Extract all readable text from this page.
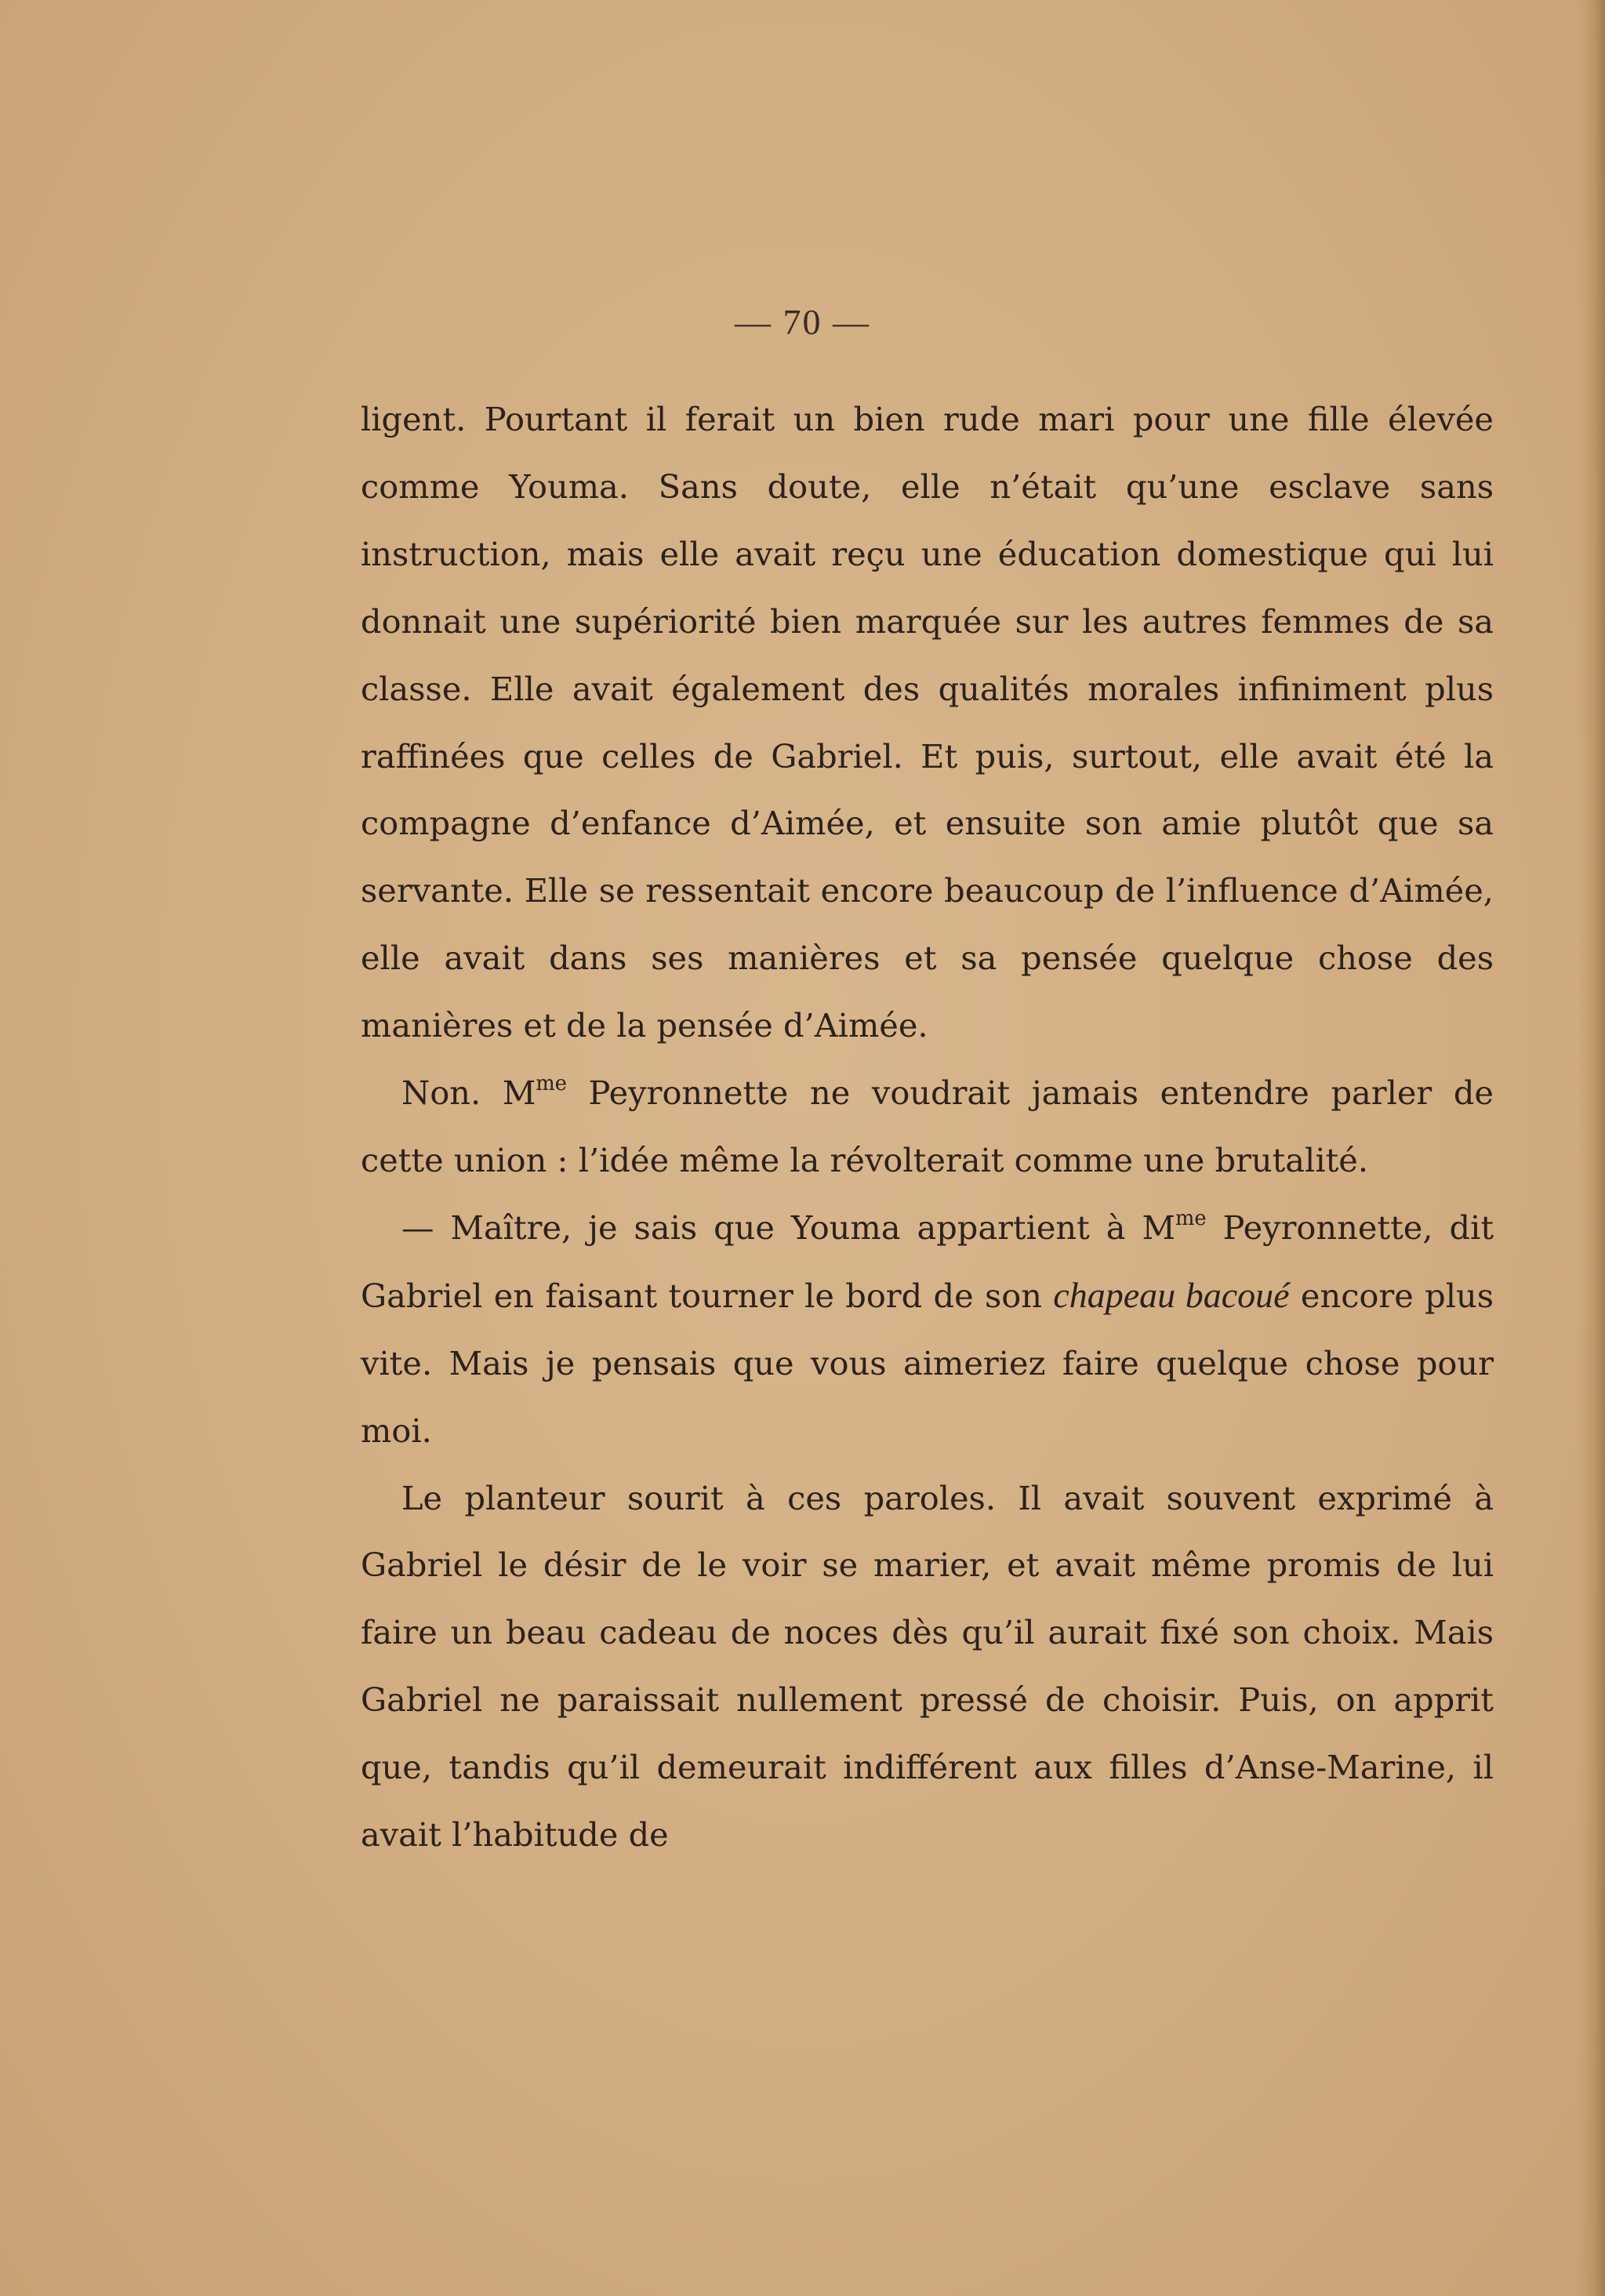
— 70 —

ligent. Pourtant il ferait un bien rude mari pour une fille élevée comme Youma. Sans doute, elle n’était qu’une esclave sans instruction, mais elle avait reçu une éducation domestique qui lui donnait une supériorité bien marquée sur les autres femmes de sa classe. Elle avait également des qualités morales infiniment plus raffinées que celles de Gabriel. Et puis, surtout, elle avait été la compagne d’enfance d’Aimée, et ensuite son amie plutôt que sa servante. Elle se ressentait encore beaucoup de l’influence d’Aimée, elle avait dans ses manières et sa pensée quelque chose des manières et de la pensée d’Aimée.

Non. $M^{me}$ Peyronnette ne voudrait jamais entendre parler de cette union : l’idée même la révolterait comme une brutalité.

— Maître, je sais que Youma appartient à $M^{me}$ Peyronnette, dit Gabriel en faisant tourner le bord de son chapeau bacoué encore plus vite. Mais je pensais que vous aimeriez faire quelque chose pour moi.

Le planteur sourit à ces paroles. Il avait souvent exprimé à Gabriel le désir de le voir se marier, et avait même promis de lui faire un beau cadeau de noces dès qu’il aurait fixé son choix. Mais Gabriel ne paraissait nullement pressé de choisir. Puis, on apprit que, tandis qu’il demeurait indifférent aux filles d’Anse-Marine, il avait l’habitude de
